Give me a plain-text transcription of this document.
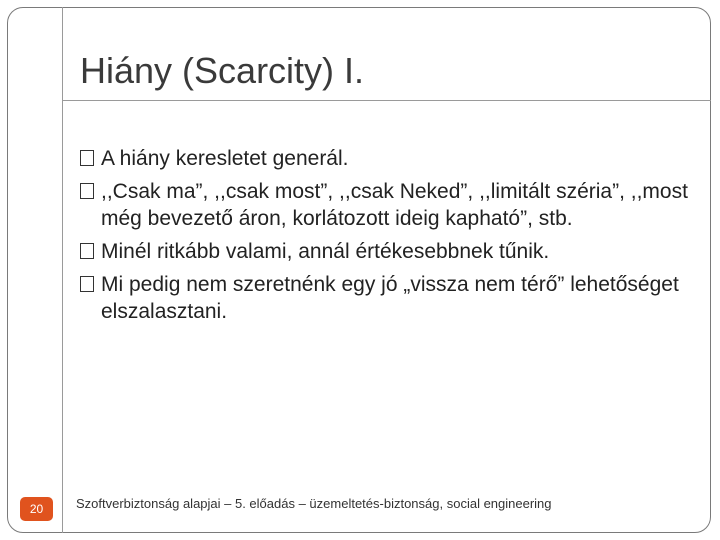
Hiány (Scarcity) I.
A hiány keresletet generál.
,,Csak ma”, ,,csak most”, ,,csak Neked”, ,,limitált széria”, ,,most még bevezető áron, korlátozott ideig kapható”, stb.
Minél ritkább valami, annál értékesebbnek tűnik.
Mi pedig nem szeretnénk egy jó „vissza nem térő” lehetőséget elszalasztani.
20	Szoftverbiztonság alapjai – 5. előadás – üzemeltetés-biztonság, social engineering
